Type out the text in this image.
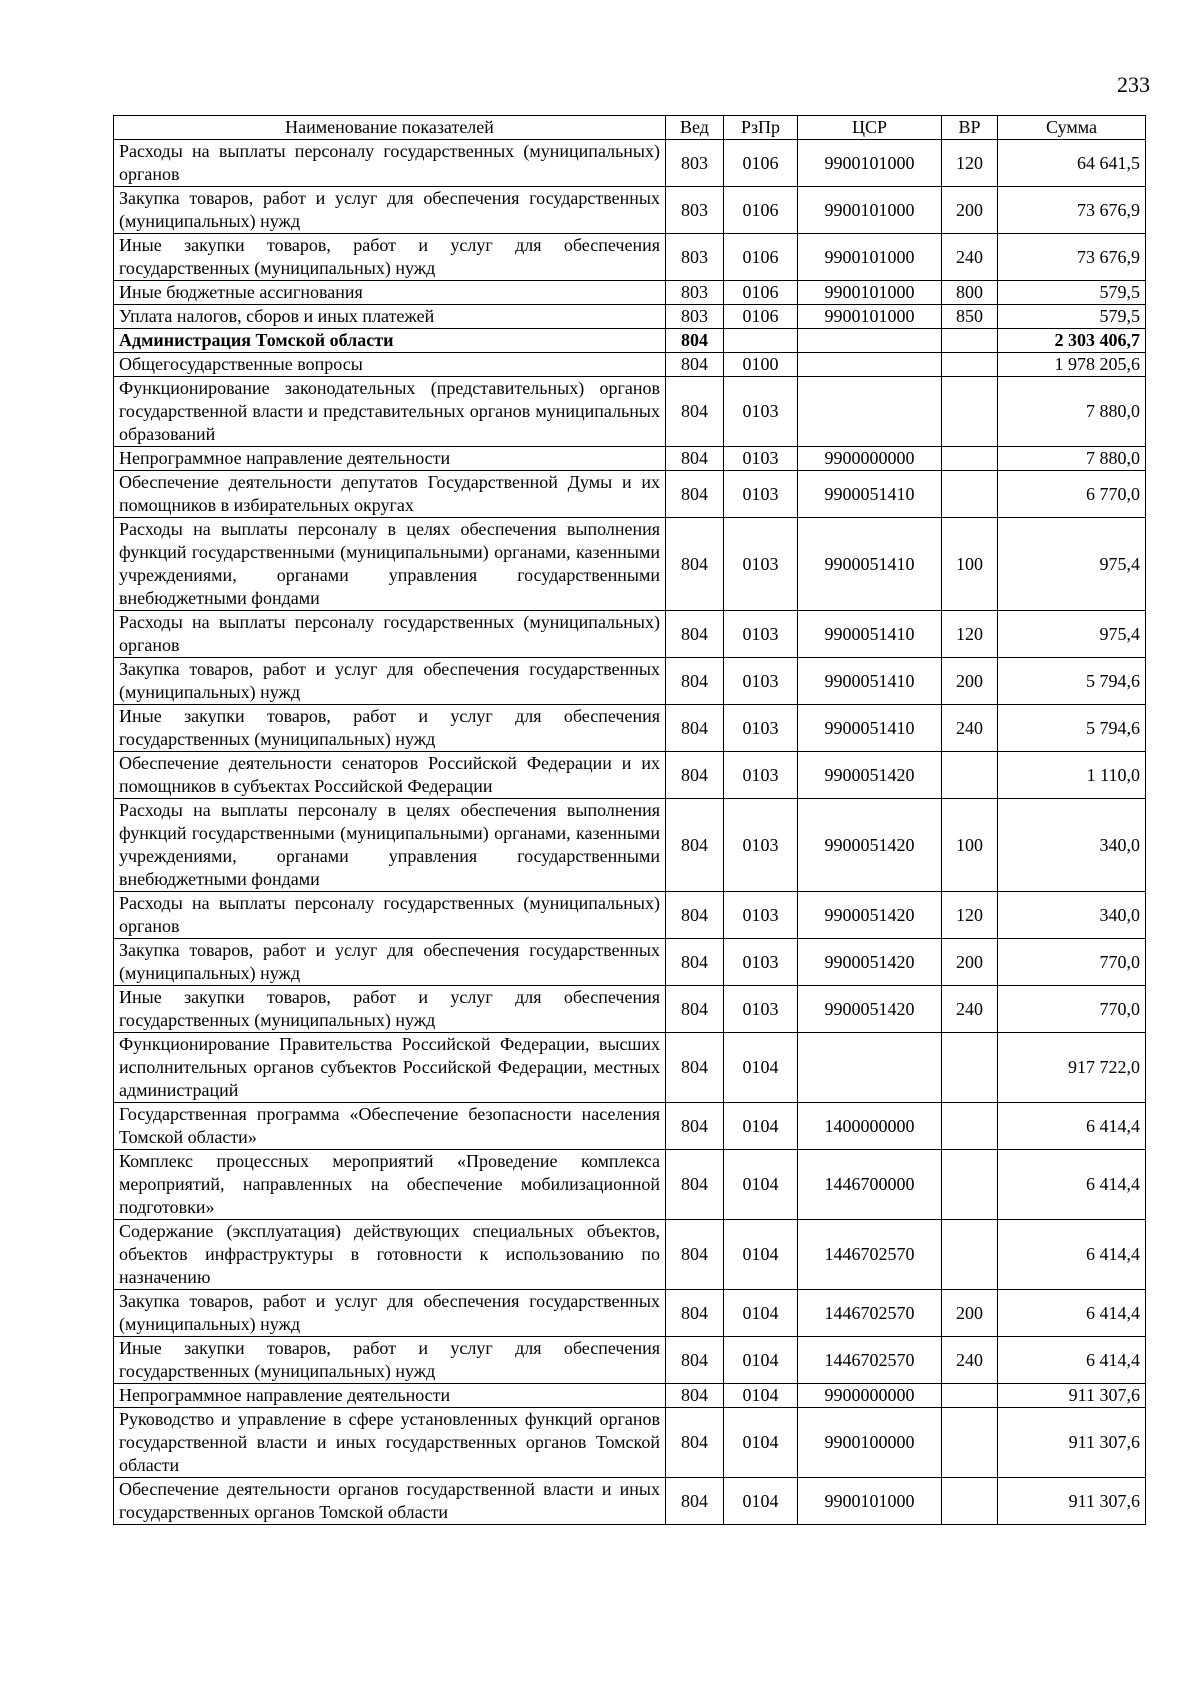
233
Наименование показателей	Вед	РзПр	ЦСР	ВР	Сумма
Расходы на выплаты персоналу государственных (муниципальных) органов	803	0106	9900101000	120	64 641,5
Закупка товаров, работ и услуг для обеспечения государственных (муниципальных) нужд	803	0106	9900101000	200	73 676,9
Иные закупки товаров, работ и услуг для обеспечения государственных (муниципальных) нужд	803	0106	9900101000	240	73 676,9
Иные бюджетные ассигнования	803	0106	9900101000	800	579,5
Уплата налогов, сборов и иных платежей	803	0106	9900101000	850	579,5
Администрация Томской области	804				2 303 406,7
Общегосударственные вопросы	804	0100			1 978 205,6
Функционирование законодательных (представительных) органов государственной власти и представительных органов муниципальных образований	804	0103			7 880,0
Непрограммное направление деятельности	804	0103	9900000000		7 880,0
Обеспечение деятельности депутатов Государственной Думы и их помощников в избирательных округах	804	0103	9900051410		6 770,0
Расходы на выплаты персоналу в целях обеспечения выполнения функций государственными (муниципальными) органами, казенными учреждениями, органами управления государственными внебюджетными фондами	804	0103	9900051410	100	975,4
Расходы на выплаты персоналу государственных (муниципальных) органов	804	0103	9900051410	120	975,4
Закупка товаров, работ и услуг для обеспечения государственных (муниципальных) нужд	804	0103	9900051410	200	5 794,6
Иные закупки товаров, работ и услуг для обеспечения государственных (муниципальных) нужд	804	0103	9900051410	240	5 794,6
Обеспечение деятельности сенаторов Российской Федерации и их помощников в субъектах Российской Федерации	804	0103	9900051420		1 110,0
Расходы на выплаты персоналу в целях обеспечения выполнения функций государственными (муниципальными) органами, казенными учреждениями, органами управления государственными внебюджетными фондами	804	0103	9900051420	100	340,0
Расходы на выплаты персоналу государственных (муниципальных) органов	804	0103	9900051420	120	340,0
Закупка товаров, работ и услуг для обеспечения государственных (муниципальных) нужд	804	0103	9900051420	200	770,0
Иные закупки товаров, работ и услуг для обеспечения государственных (муниципальных) нужд	804	0103	9900051420	240	770,0
Функционирование Правительства Российской Федерации, высших исполнительных органов субъектов Российской Федерации, местных администраций	804	0104			917 722,0
Государственная программа «Обеспечение безопасности населения Томской области»	804	0104	1400000000		6 414,4
Комплекс процессных мероприятий «Проведение комплекса мероприятий, направленных на обеспечение мобилизационной подготовки»	804	0104	1446700000		6 414,4
Содержание (эксплуатация) действующих специальных объектов, объектов инфраструктуры в готовности к использованию по назначению	804	0104	1446702570		6 414,4
Закупка товаров, работ и услуг для обеспечения государственных (муниципальных) нужд	804	0104	1446702570	200	6 414,4
Иные закупки товаров, работ и услуг для обеспечения государственных (муниципальных) нужд	804	0104	1446702570	240	6 414,4
Непрограммное направление деятельности	804	0104	9900000000		911 307,6
Руководство и управление в сфере установленных функций органов государственной власти и иных государственных органов Томской области	804	0104	9900100000		911 307,6
Обеспечение деятельности органов государственной власти и иных государственных органов Томской области	804	0104	9900101000		911 307,6
